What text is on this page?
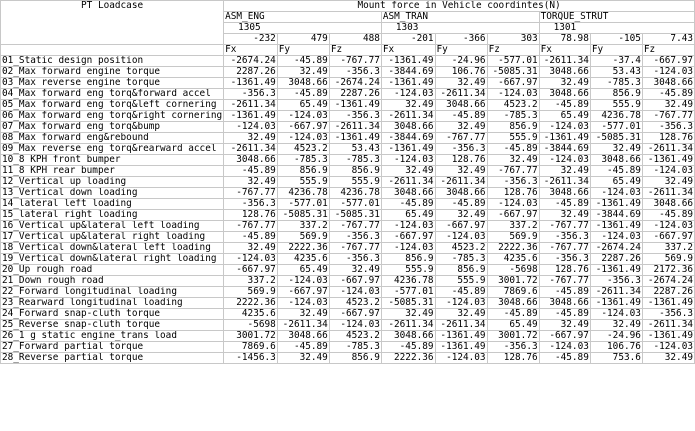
PT Loadcase	Mount force in Vehicle coordintes(N)								
	ASM_ENG			ASM_TRAN			TORQUE_STRUT		
	1305			1303			1301		
	-232	479	488	-201	-366	303	78.98	-105	7.43
	Fx	Fy	Fz	Fx	Fy	Fz	Fx	Fy	Fz
01_Static design position	-2674.24	-45.89	-767.77	-1361.49	-24.96	-577.01	-2611.34	-37.4	-667.97
02_Max forward engine torque	2287.26	32.49	-356.3	-3844.69	106.76	-5085.31	3048.66	53.43	-124.03
03_Max reverse engine torque	-1361.49	3048.66	-2674.24	-1361.49	32.49	-667.97	32.49	-785.3	3048.66
04_Max forward eng torq&forward accel	-356.3	-45.89	2287.26	-124.03	-2611.34	-124.03	3048.66	856.9	-45.89
05_Max forward eng torq&left cornering	-2611.34	65.49	-1361.49	32.49	3048.66	4523.2	-45.89	555.9	32.49
06_Max forward eng torq&right cornering	-1361.49	-124.03	-356.3	-2611.34	-45.89	-785.3	65.49	4236.78	-767.77
07_Max forward eng torq&bump	-124.03	-667.97	-2611.34	3048.66	32.49	856.9	-124.03	-577.01	-356.3
08_Max forward eng&rebound	32.49	-124.03	-1361.49	-3844.69	-767.77	555.9	-1361.49	-5085.31	128.76
09_Max reverse eng torq&rearward accel	-2611.34	4523.2	53.43	-1361.49	-356.3	-45.89	-3844.69	32.49	-2611.34
10_8 KPH front bumper	3048.66	-785.3	-785.3	-124.03	128.76	32.49	-124.03	3048.66	-1361.49
11_8 KPH rear bumper	-45.89	856.9	856.9	32.49	32.49	-767.77	32.49	-45.89	-124.03
12_Vertical up loading	32.49	555.9	555.9	-2611.34	-2611.34	-356.3	-2611.34	65.49	32.49
13_Vertical down loading	-767.77	4236.78	4236.78	3048.66	3048.66	128.76	3048.66	-124.03	-2611.34
14_lateral left loading	-356.3	-577.01	-577.01	-45.89	-45.89	-124.03	-45.89	-1361.49	3048.66
15_lateral right loading	128.76	-5085.31	-5085.31	65.49	32.49	-667.97	32.49	-3844.69	-45.89
16_Vertical up&lateral left loading	-767.77	337.2	-767.77	-124.03	-667.97	337.2	-767.77	-1361.49	-124.03
17_Vertical up&lateral right loading	-45.89	569.9	-356.3	-667.97	-124.03	569.9	-356.3	-124.03	-667.97
18_Vertical down&lateral left loading	32.49	2222.36	-767.77	-124.03	4523.2	2222.36	-767.77	-2674.24	337.2
19_Vertical down&lateral right loading	-124.03	4235.6	-356.3	856.9	-785.3	4235.6	-356.3	2287.26	569.9
20_Up rough road	-667.97	65.49	32.49	555.9	856.9	-5698	128.76	-1361.49	2172.36
21_Down rough road	337.2	-124.03	-667.97	4236.78	555.9	3001.72	-767.77	-356.3	-2674.24
22_Forward longitudinal loading	569.9	-667.97	-124.03	-577.01	-45.89	7869.6	-45.89	-2611.34	2287.26
23_Rearward longitudinal loading	2222.36	-124.03	4523.2	-5085.31	-124.03	3048.66	3048.66	-1361.49	-1361.49
24_Forward snap-cluth torque	4235.6	32.49	-667.97	32.49	32.49	-45.89	-45.89	-124.03	-356.3
25_Reverse snap-cluth torque	-5698	-2611.34	-124.03	-2611.34	-2611.34	65.49	32.49	32.49	-2611.34
26_1 g static engine_trans load	3001.72	3048.66	4523.2	3048.66	-1361.49	3001.72	-667.97	-24.96	-1361.49
27_Forward partial torque	7869.6	-45.89	-785.3	-45.89	-1361.49	-356.3	-124.03	106.76	-124.03
28_Reverse partial torque	-1456.3	32.49	856.9	2222.36	-124.03	128.76	-45.89	753.6	32.49
